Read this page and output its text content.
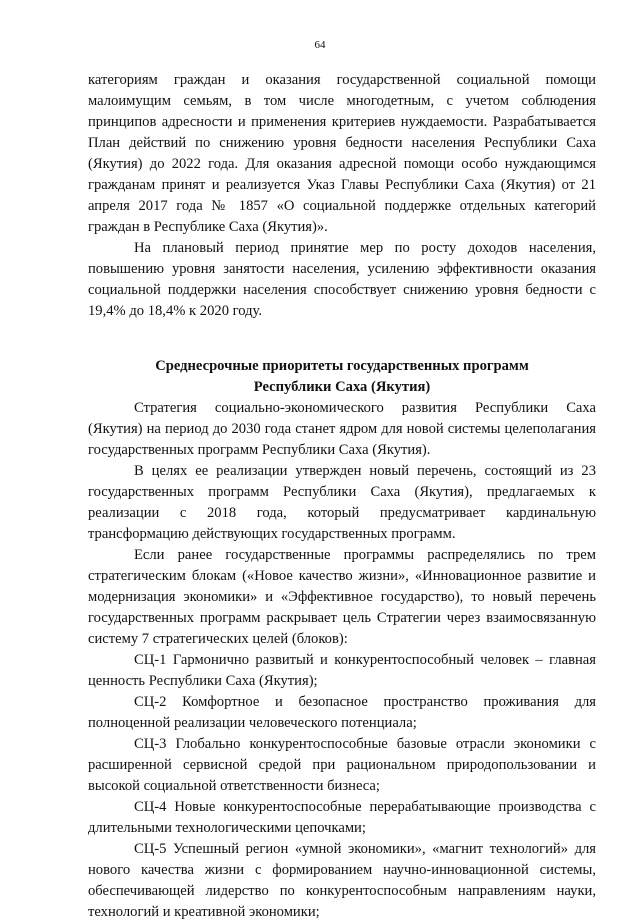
64

категориям граждан и оказания государственной социальной помощи малоимущим семьям, в том числе многодетным, с учетом соблюдения принципов адресности и применения критериев нуждаемости. Разрабатывается План действий по снижению уровня бедности населения Республики Саха (Якутия) до 2022 года. Для оказания адресной помощи особо нуждающимся гражданам принят и реализуется Указ Главы Республики Саха (Якутия) от 21 апреля 2017 года № 1857 «О социальной поддержке отдельных категорий граждан в Республике Саха (Якутия)».

На плановый период принятие мер по росту доходов населения, повышению уровня занятости населения, усилению эффективности оказания социальной поддержки населения способствует снижению уровня бедности с 19,4% до 18,4% к 2020 году.

Среднесрочные приоритеты государственных программ
Республики Саха (Якутия)

Стратегия социально-экономического развития Республики Саха (Якутия) на период до 2030 года станет ядром для новой системы целеполагания государственных программ Республики Саха (Якутия).

В целях ее реализации утвержден новый перечень, состоящий из 23 государственных программ Республики Саха (Якутия), предлагаемых к реализации с 2018 года, который предусматривает кардинальную трансформацию действующих государственных программ.

Если ранее государственные программы распределялись по трем стратегическим блокам («Новое качество жизни», «Инновационное развитие и модернизация экономики» и «Эффективное государство), то новый перечень государственных программ раскрывает цель Стратегии через взаимосвязанную систему 7 стратегических целей (блоков):

СЦ-1 Гармонично развитый и конкурентоспособный человек – главная ценность Республики Саха (Якутия);

СЦ-2 Комфортное и безопасное пространство проживания для полноценной реализации человеческого потенциала;

СЦ-3 Глобально конкурентоспособные базовые отрасли экономики с расширенной сервисной средой при рациональном природопользовании и высокой социальной ответственности бизнеса;

СЦ-4 Новые конкурентоспособные перерабатывающие производства с длительными технологическими цепочками;

СЦ-5 Успешный регион «умной экономики», «магнит технологий» для нового качества жизни с формированием научно-инновационной системы, обеспечивающей лидерство по конкурентоспособным направлениям науки, технологий и креативной экономики;
